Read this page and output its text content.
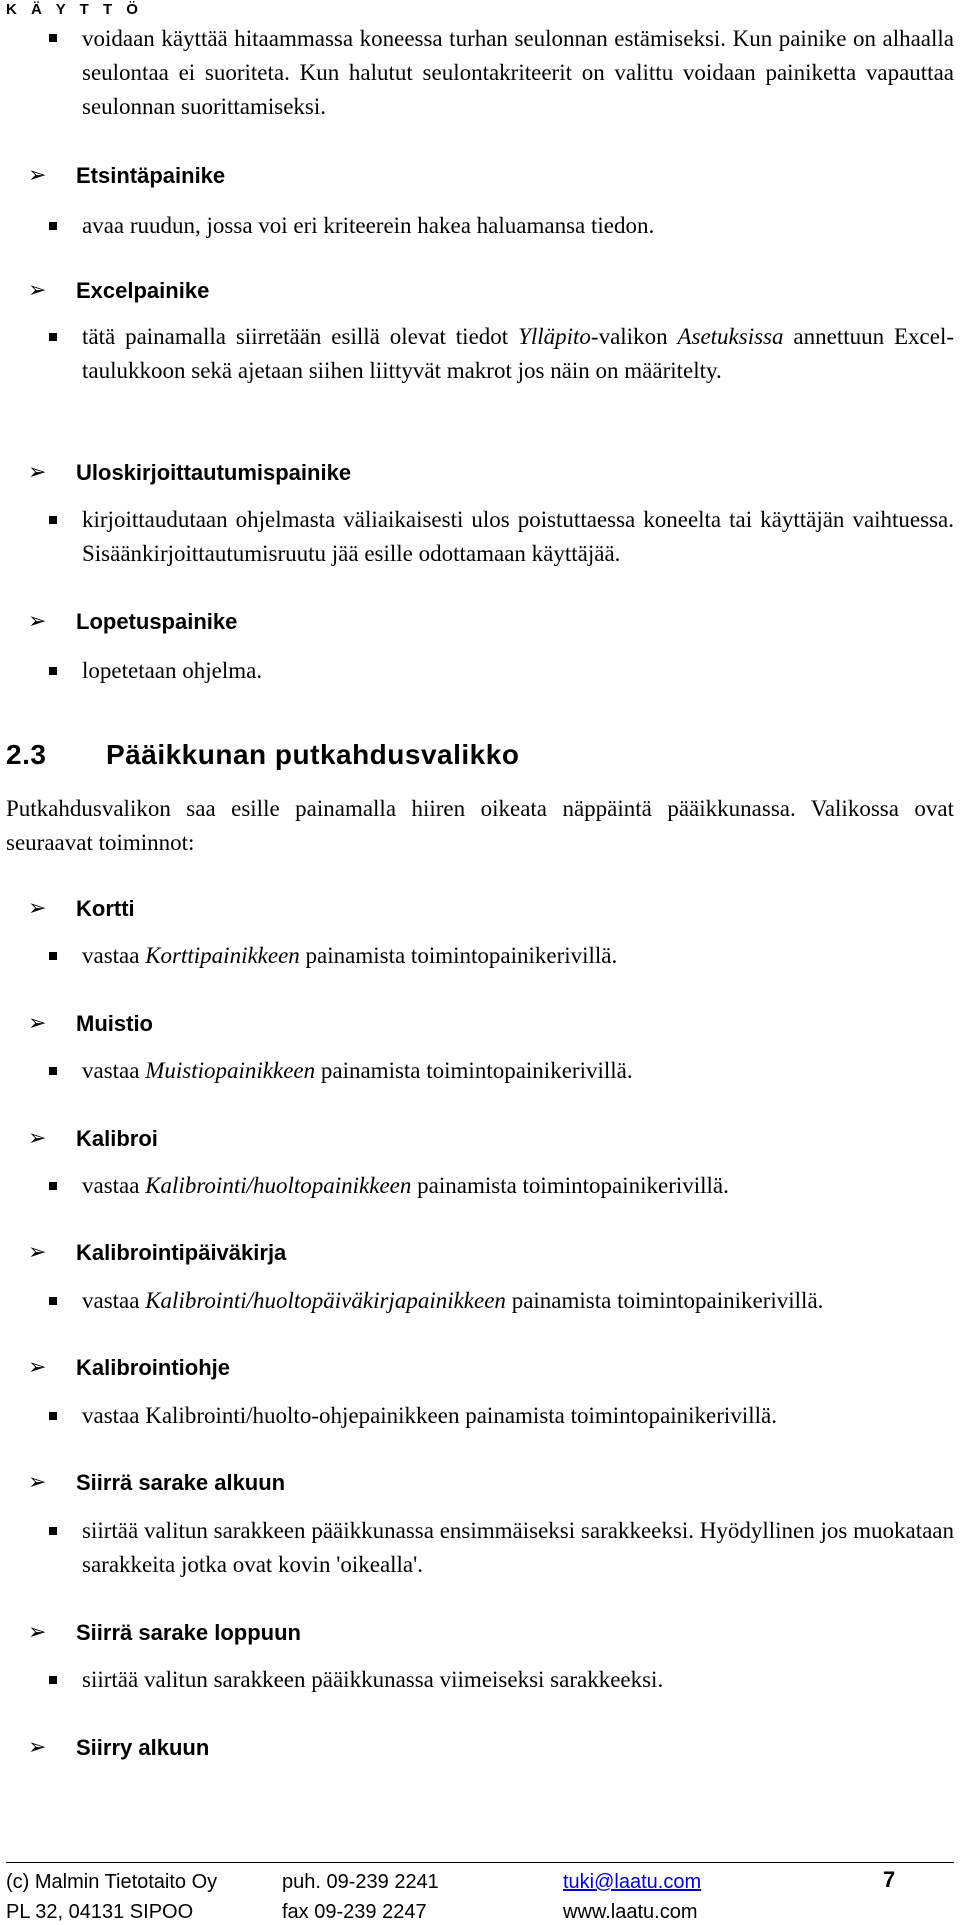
K Ä Y T T Ö
voidaan käyttää hitaammassa koneessa turhan seulonnan estämiseksi. Kun painike on alhaalla seulontaa ei suoriteta. Kun halutut seulontakriteerit on valittu voidaan painiketta vapauttaa seulonnan suorittamiseksi.
➢ Etsintäpainike
avaa ruudun, jossa voi eri kriteerein hakea haluamansa tiedon.
➢ Excelpainike
tätä painamalla siirretään esillä olevat tiedot Ylläpito-valikon Asetuksissa annettuun Excel-taulukkoon sekä ajetaan siihen liittyvät makrot jos näin on määritelty.
➢ Uloskirjoittautumispainike
kirjoittaudutaan ohjelmasta väliaikaisesti ulos poistuttaessa koneelta tai käyttäjän vaihtuessa. Sisäänkirjoittautumisruutu jää esille odottamaan käyttäjää.
➢ Lopetuspainike
lopetetaan ohjelma.
2.3 Pääikkunan putkahdusvalikko
Putkahdusvalikon saa esille painamalla hiiren oikeata näppäintä pääikkunassa. Valikossa ovat seuraavat toiminnot:
➢ Kortti
vastaa Korttipainikkeen painamista toimintopainikerivillä.
➢ Muistio
vastaa Muistiopainikkeen painamista toimintopainikerivillä.
➢ Kalibroi
vastaa Kalibrointi/huoltopainikkeen painamista toimintopainikerivillä.
➢ Kalibrointipäiväkirja
vastaa Kalibrointi/huoltopäiväkirjapainikkeen painamista toimintopainikerivillä.
➢ Kalibrointiohje
vastaa Kalibrointi/huolto-ohjepainikkeen painamista toimintopainikerivillä.
➢ Siirrä sarake alkuun
siirtää valitun sarakkeen pääikkunassa ensimmäiseksi sarakkeeksi. Hyödyllinen jos muokataan sarakkeita jotka ovat kovin 'oikealla'.
➢ Siirrä sarake loppuun
siirtää valitun sarakkeen pääikkunassa viimeiseksi sarakkeeksi.
➢ Siirry alkuun
(c) Malmin Tietotaito Oy	puh. 09-239 2241	tuki@laatu.com	7
PL 32, 04131 SIPOO	fax 09-239 2247	www.laatu.com
